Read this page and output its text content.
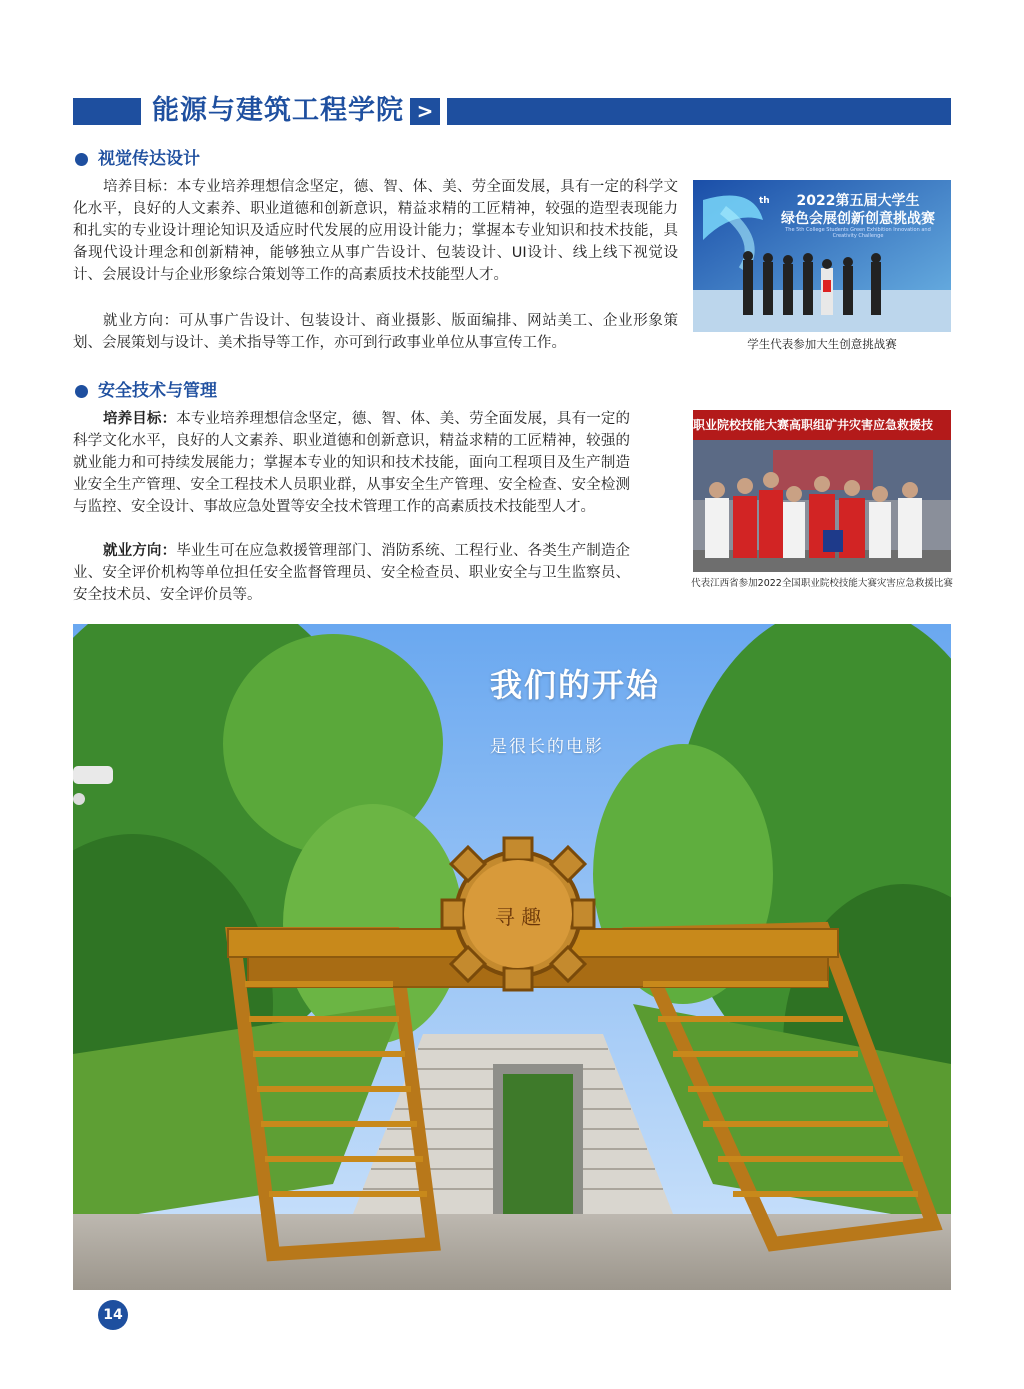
能源与建筑工程学院 >
视觉传达设计

培养目标：本专业培养理想信念坚定，德、智、体、美、劳全面发展，具有一定的科学文化水平，良好的人文素养、职业道德和创新意识，精益求精的工匠精神，较强的造型表现能力和扎实的专业设计理论知识及适应时代发展的应用设计能力；掌握本专业知识和技术技能，具备现代设计理念和创新精神，能够独立从事广告设计、包装设计、UI设计、线上线下视觉设计、会展设计与企业形象综合策划等工作的高素质技术技能型人才。

就业方向：可从事广告设计、包装设计、商业摄影、版面编排、网站美工、企业形象策划、会展策划与设计、美术指导等工作，亦可到行政事业单位从事宣传工作。

2022第五届大学生
绿色会展创新创意挑战赛
th
The 5th College Students Green Exhibition Innovation and Creativity Challenge
学生代表参加大生创意挑战赛
安全技术与管理

培养目标：本专业培养理想信念坚定，德、智、体、美、劳全面发展，具有一定的科学文化水平，良好的人文素养、职业道德和创新意识，精益求精的工匠精神，较强的就业能力和可持续发展能力；掌握本专业的知识和技术技能，面向工程项目及生产制造业安全生产管理、安全工程技术人员职业群，从事安全生产管理、安全检查、安全检测与监控、安全设计、事故应急处置等安全技术管理工作的高素质技术技能型人才。

就业方向：毕业生可在应急救援管理部门、消防系统、工程行业、各类生产制造企业、安全评价机构等单位担任安全监督管理员、安全检查员、职业安全与卫生监察员、安全技术员、安全评价员等。

职业院校技能大赛高职组矿井灾害应急救援技
代表江西省参加2022全国职业院校技能大赛灾害应急救援比赛
寻 趣
我们的开始
是很长的电影
14
